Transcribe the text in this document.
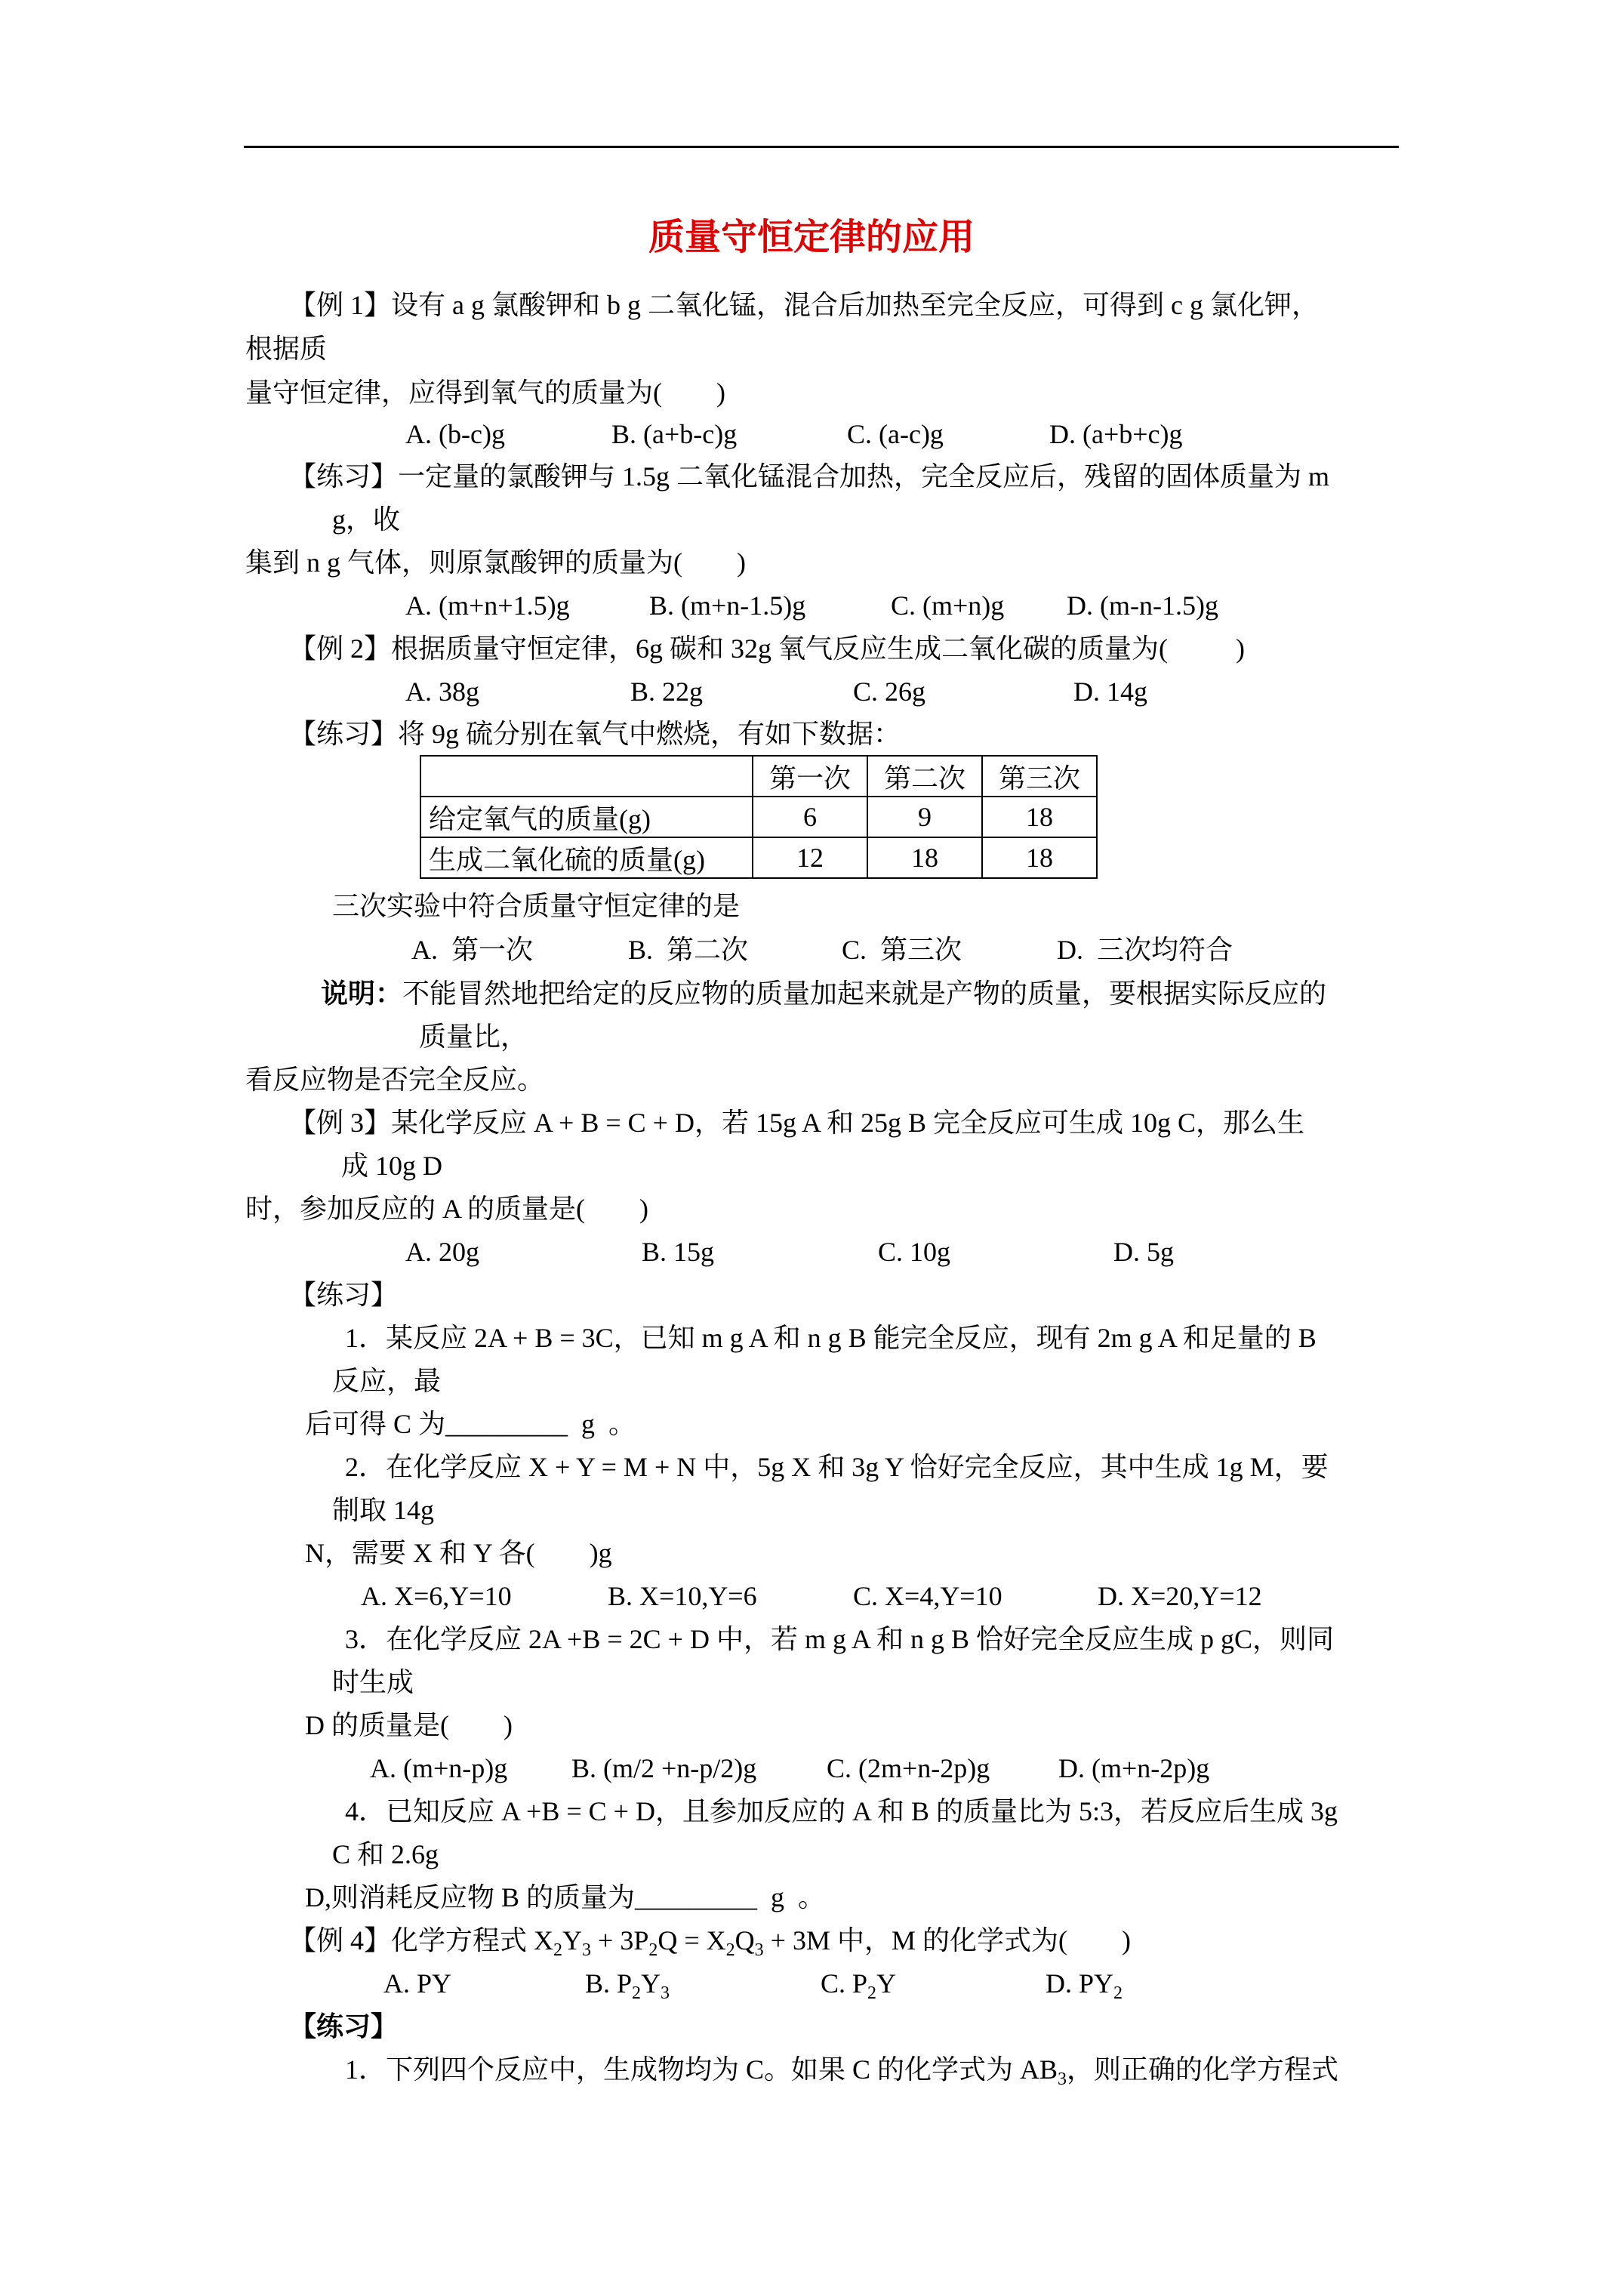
质量守恒定律的应用
【例 1】设有 a g 氯酸钾和 b g 二氧化锰，混合后加热至完全反应，可得到 c g 氯化钾，
根据质
量守恒定律，应得到氧气的质量为(        )
A. (b-c)g	B. (a+b-c)g	C. (a-c)g	D. (a+b+c)g
【练习】一定量的氯酸钾与 1.5g 二氧化锰混合加热，完全反应后，残留的固体质量为 m
g，收
集到 n g 气体，则原氯酸钾的质量为(        )
A. (m+n+1.5)g	B. (m+n-1.5)g	C. (m+n)g D. (m-n-1.5)g
【例 2】根据质量守恒定律，6g 碳和 32g 氧气反应生成二氧化碳的质量为(          )
A. 38g	B. 22g	C. 26g	D. 14g
【练习】将 9g 硫分别在氧气中燃烧，有如下数据：
	第一次	第二次	第三次
给定氧气的质量(g)	6	9	18
生成二氧化硫的质量(g)	12	18	18
三次实验中符合质量守恒定律的是
A.  第一次	B.  第二次	C.  第三次	D.  三次均符合
说明： 不能冒然地把给定的反应物的质量加起来就是产物的质量，要根据实际反应的
质量比，
看反应物是否完全反应。
【例 3】某化学反应 A + B = C + D，若 15g A 和 25g B 完全反应可生成 10g C，那么生
成 10g D
时，参加反应的 A 的质量是(        )
A. 20g	B. 15g	C. 10g	D. 5g
【练习】
1．某反应 2A + B = 3C，已知 m g A 和 n g B 能完全反应，现有 2m g A 和足量的 B
反应，最
后可得 C 为_________  g  。
2．在化学反应 X + Y = M + N 中，5g X 和 3g Y 恰好完全反应，其中生成 1g M，要
制取 14g
N，需要 X 和 Y 各(        )g
A. X=6,Y=10	B. X=10,Y=6	C. X=4,Y=10	D. X=20,Y=12
3．在化学反应 2A +B = 2C + D 中，若 m g A 和 n g B 恰好完全反应生成 p gC，则同
时生成
D 的质量是(        )
A. (m+n-p)g B. (m/2 +n-p/2)g	C. (2m+n-2p)g	D. (m+n-2p)g
4．已知反应 A +B = C + D，且参加反应的 A 和 B 的质量比为 5:3，若反应后生成 3g
C 和 2.6g
D,则消耗反应物 B 的质量为_________  g  。
【例 4】化学方程式 $X_2Y_3 + 3P_2Q = X_2Q_3 + 3M$ 中，M 的化学式为(        )
A. PY	B. $P_2Y_3$	C. $P_2Y$	D. $PY_2$
【练习】
1．下列四个反应中，生成物均为 C。如果 C 的化学式为 $AB_3$，则正确的化学方程式
